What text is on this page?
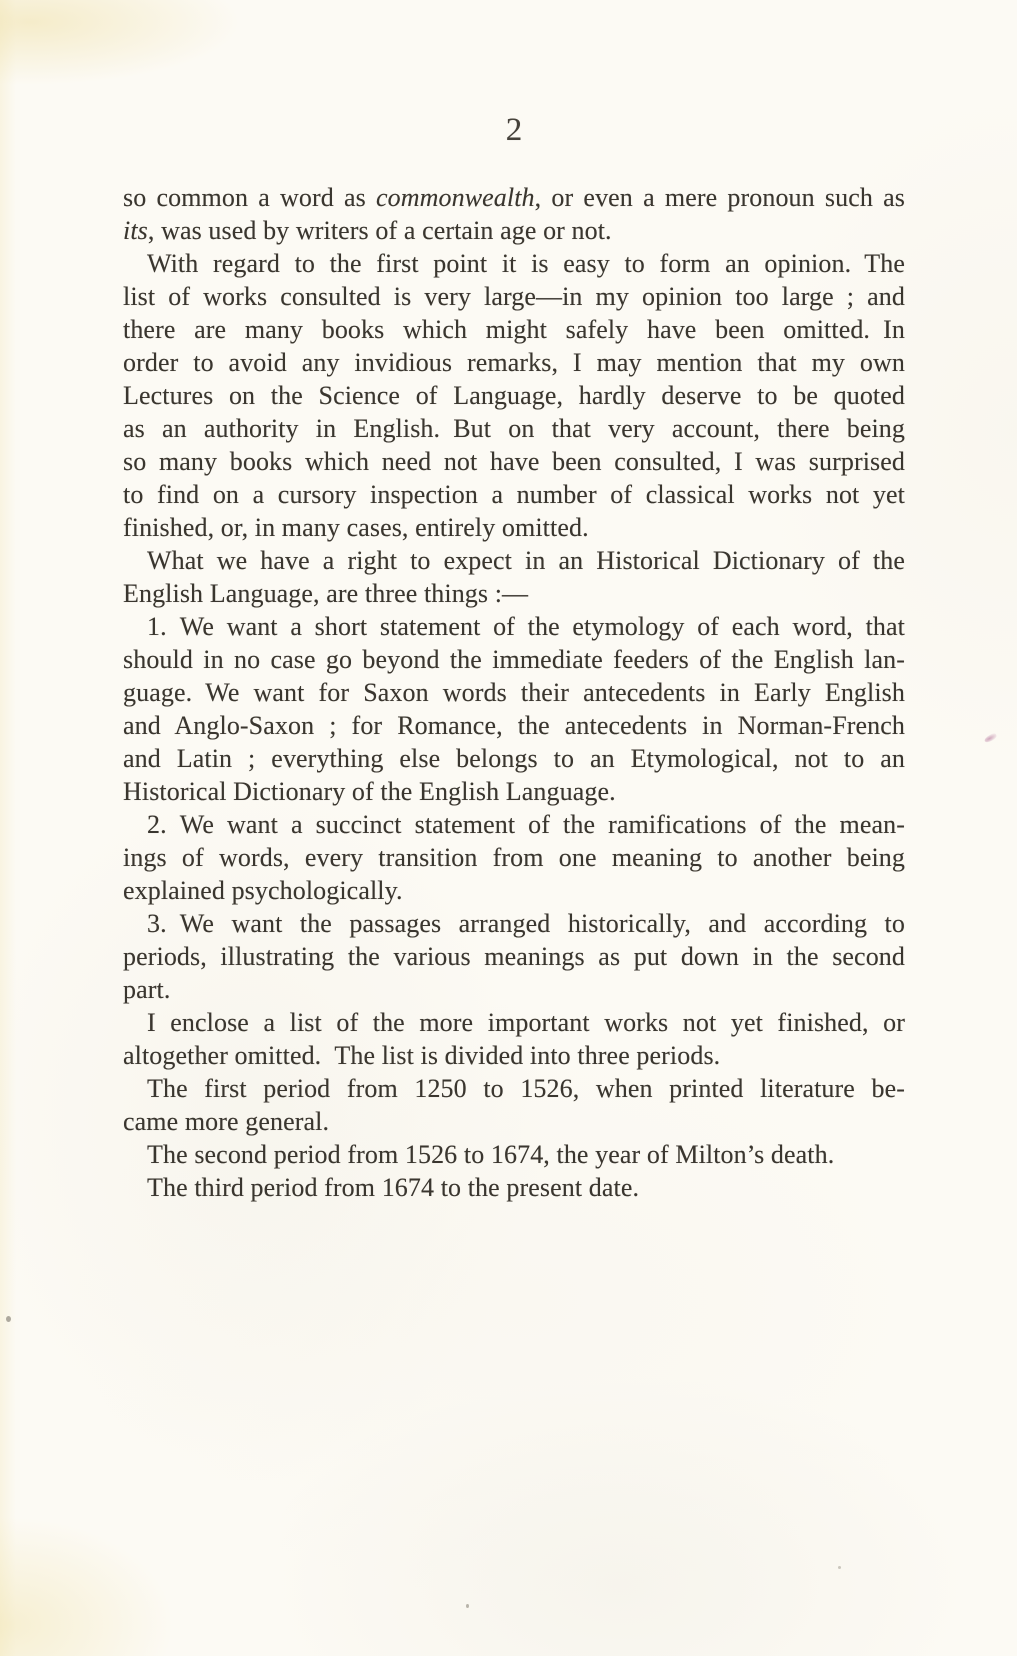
2
so common a word as commonwealth, or even a mere pronoun such as
its, was used by writers of a certain age or not.
With regard to the first point it is easy to form an opinion. The
list of works consulted is very large—in my opinion too large ; and
there are many books which might safely have been omitted. In
order to avoid any invidious remarks, I may mention that my own
Lectures on the Science of Language, hardly deserve to be quoted
as an authority in English. But on that very account, there being
so many books which need not have been consulted, I was surprised
to find on a cursory inspection a number of classical works not yet
finished, or, in many cases, entirely omitted.
What we have a right to expect in an Historical Dictionary of the
English Language, are three things :—
1. We want a short statement of the etymology of each word, that
should in no case go beyond the immediate feeders of the English lan-
guage. We want for Saxon words their antecedents in Early English
and Anglo-Saxon ; for Romance, the antecedents in Norman-French
and Latin ; everything else belongs to an Etymological, not to an
Historical Dictionary of the English Language.
2. We want a succinct statement of the ramifications of the mean-
ings of words, every transition from one meaning to another being
explained psychologically.
3. We want the passages arranged historically, and according to
periods, illustrating the various meanings as put down in the second
part.
I enclose a list of the more important works not yet finished, or
altogether omitted. The list is divided into three periods.
The first period from 1250 to 1526, when printed literature be-
came more general.
The second period from 1526 to 1674, the year of Milton’s death.
The third period from 1674 to the present date.
